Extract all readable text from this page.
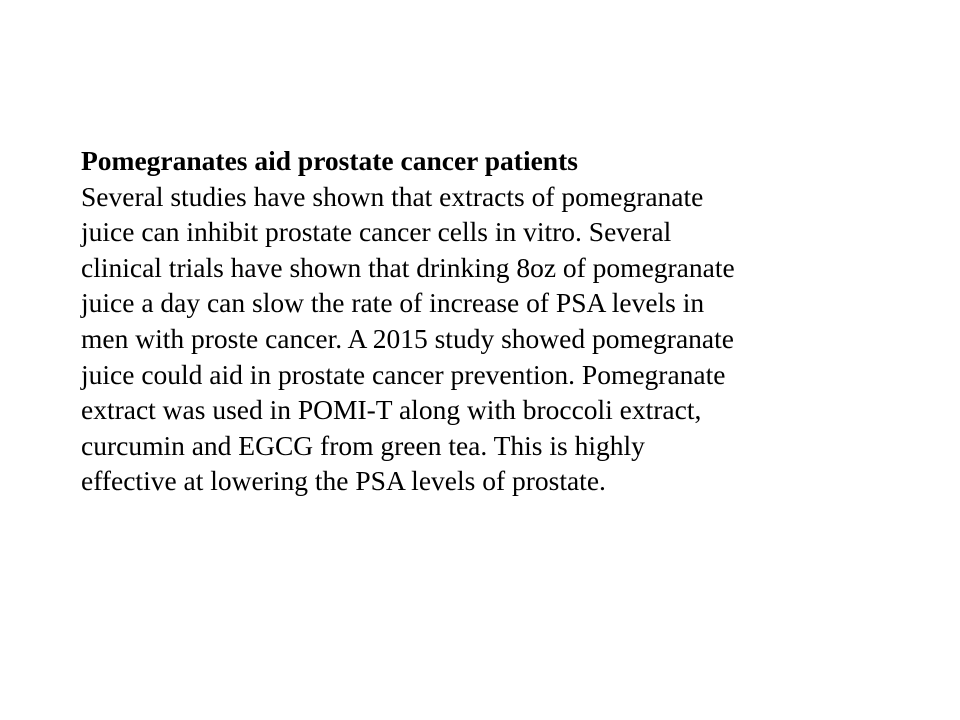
Pomegranates aid prostate cancer patients
Several studies have shown that extracts of pomegranate
juice can inhibit prostate cancer cells in vitro. Several
clinical trials have shown that drinking 8oz of pomegranate
juice a day can slow the rate of increase of PSA levels in
men with proste cancer. A 2015 study showed pomegranate
juice could aid in prostate cancer prevention. Pomegranate
extract was used in POMI-T along with broccoli extract,
curcumin and EGCG from green tea. This is highly
effective at lowering the PSA levels of prostate.
